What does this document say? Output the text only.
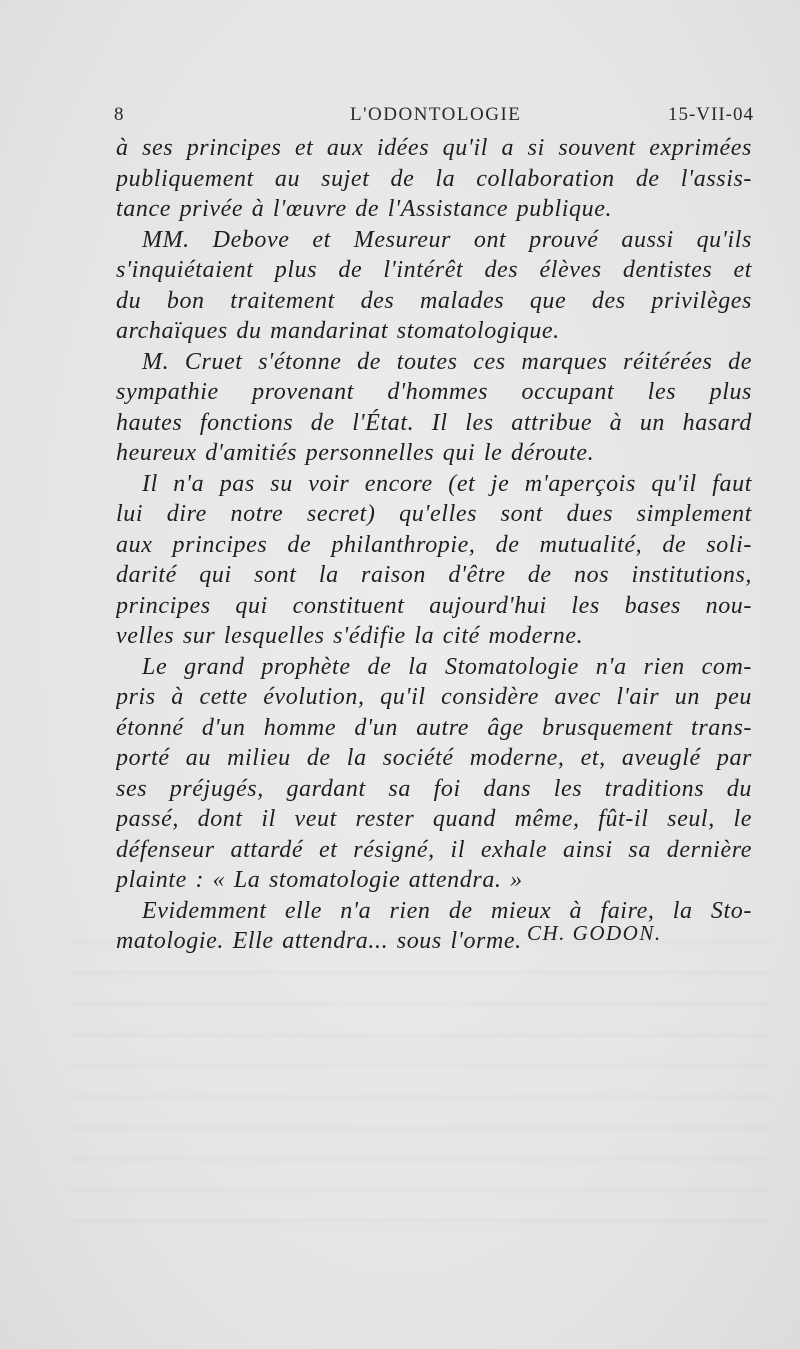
8	L'ODONTOLOGIE	15-VII-04
à ses principes et aux idées qu'il a si souvent exprimées
publiquement au sujet de la collaboration de l'assis-
tance privée à l'œuvre de l'Assistance publique.
MM. Debove et Mesureur ont prouvé aussi qu'ils
s'inquiétaient plus de l'intérêt des élèves dentistes et
du bon traitement des malades que des privilèges
archaïques du mandarinat stomatologique.
M. Cruet s'étonne de toutes ces marques réitérées de
sympathie provenant d'hommes occupant les plus
hautes fonctions de l'État. Il les attribue à un hasard
heureux d'amitiés personnelles qui le déroute.
Il n'a pas su voir encore (et je m'aperçois qu'il faut
lui dire notre secret) qu'elles sont dues simplement
aux principes de philanthropie, de mutualité, de soli-
darité qui sont la raison d'être de nos institutions,
principes qui constituent aujourd'hui les bases nou-
velles sur lesquelles s'édifie la cité moderne.
Le grand prophète de la Stomatologie n'a rien com-
pris à cette évolution, qu'il considère avec l'air un peu
étonné d'un homme d'un autre âge brusquement trans-
porté au milieu de la société moderne, et, aveuglé par
ses préjugés, gardant sa foi dans les traditions du
passé, dont il veut rester quand même, fût-il seul, le
défenseur attardé et résigné, il exhale ainsi sa dernière
plainte : « La stomatologie attendra. »
Evidemment elle n'a rien de mieux à faire, la Sto-
matologie. Elle attendra... sous l'orme. CH. GODON.
